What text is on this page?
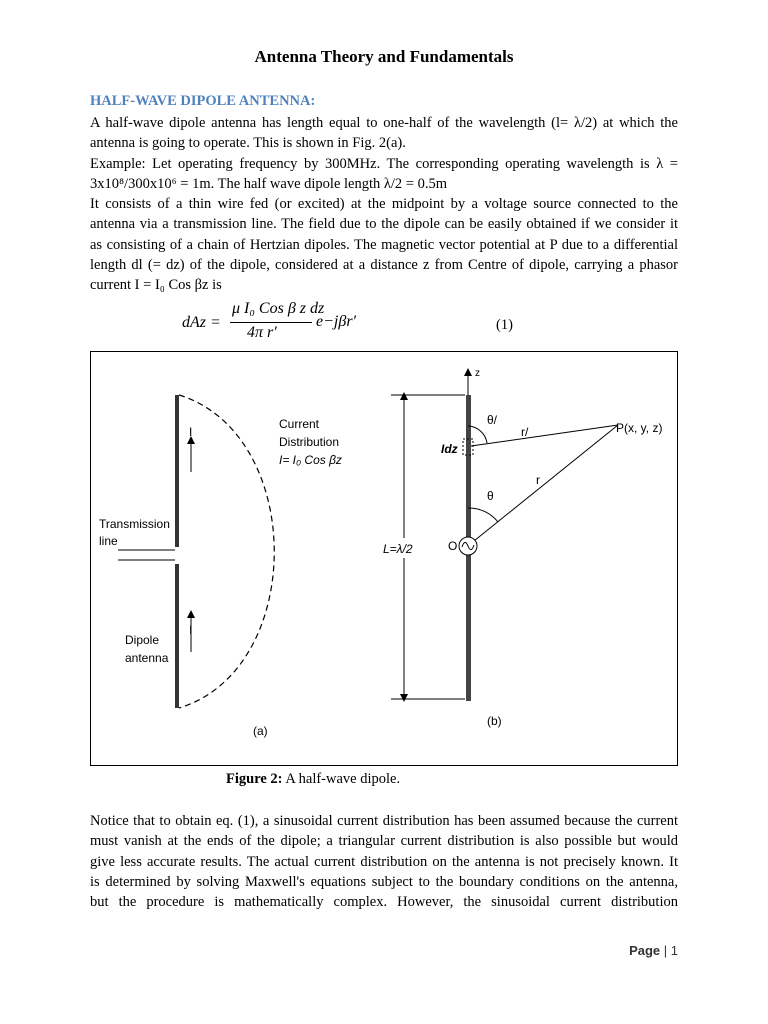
Antenna Theory and Fundamentals
HALF-WAVE DIPOLE ANTENNA:
A half-wave dipole antenna has length equal to one-half of the wavelength (l= λ/2) at which the
antenna is going to operate. This is shown in Fig. 2(a).
Example: Let operating frequency by 300MHz. The corresponding operating wavelength is λ =
3x10⁸/300x10⁶ = 1m. The half wave dipole length λ/2 = 0.5m
It consists of a thin wire fed (or excited) at the midpoint by a voltage source connected to the
antenna via a transmission line. The field due to the dipole can be easily obtained if we consider it
as consisting of a chain of Hertzian dipoles. The magnetic vector potential at P due to a differential
length dl (= dz) of the dipole, considered at a distance z from Centre of dipole, carrying a phasor
current I = I₀ Cos βz is
dAz =
μ I₀ Cos β z dz
4π r′
e−jβr′	(1)
I
I
Current
Distribution
I= I₀ Cos βz
Transmission
line
Dipole
antenna
(a)
z
L=λ/2
Idz
θ/
r/
θ
r
P(x, y, z)
O
(b)
Figure 2: A half-wave dipole.
Notice that to obtain eq. (1), a sinusoidal current distribution has been assumed because the current
must vanish at the ends of the dipole; a triangular current distribution is also possible but would
give less accurate results. The actual current distribution on the antenna is not precisely known. It
is determined by solving Maxwell's equations subject to the boundary conditions on the antenna,
but the procedure is mathematically complex. However, the sinusoidal current distribution
Page | 1
